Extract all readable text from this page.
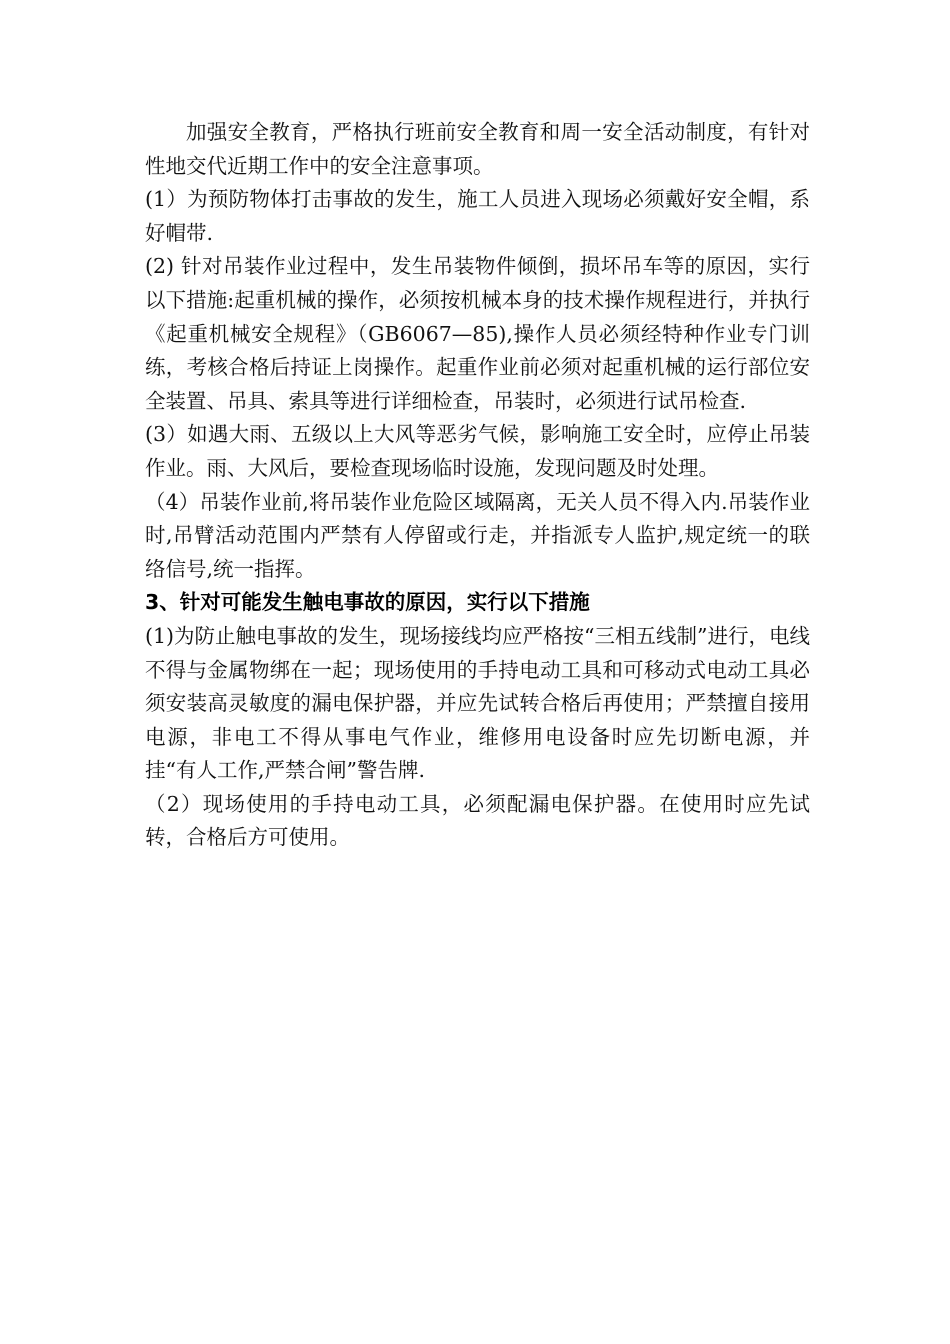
加强安全教育，严格执行班前安全教育和周一安全活动制度，有针对性地交代近期工作中的安全注意事项。

(1）为预防物体打击事故的发生，施工人员进入现场必须戴好安全帽，系好帽带.

(2) 针对吊装作业过程中，发生吊装物件倾倒，损坏吊车等的原因，实行以下措施:起重机械的操作，必须按机械本身的技术操作规程进行，并执行《起重机械安全规程》（GB6067—85),操作人员必须经特种作业专门训练，考核合格后持证上岗操作。起重作业前必须对起重机械的运行部位安全装置、吊具、索具等进行详细检查，吊装时，必须进行试吊检查.

(3）如遇大雨、五级以上大风等恶劣气候，影响施工安全时，应停止吊装作业。雨、大风后，要检查现场临时设施，发现问题及时处理。

（4）吊装作业前,将吊装作业危险区域隔离，无关人员不得入内.吊装作业时,吊臂活动范围内严禁有人停留或行走，并指派专人监护,规定统一的联络信号,统一指挥。

3、针对可能发生触电事故的原因，实行以下措施

(1)为防止触电事故的发生，现场接线均应严格按“三相五线制”进行，电线不得与金属物绑在一起；现场使用的手持电动工具和可移动式电动工具必须安装高灵敏度的漏电保护器，并应先试转合格后再使用；严禁擅自接用电源，非电工不得从事电气作业，维修用电设备时应先切断电源，并挂“有人工作,严禁合闸”警告牌.

（2）现场使用的手持电动工具，必须配漏电保护器。在使用时应先试转，合格后方可使用。
